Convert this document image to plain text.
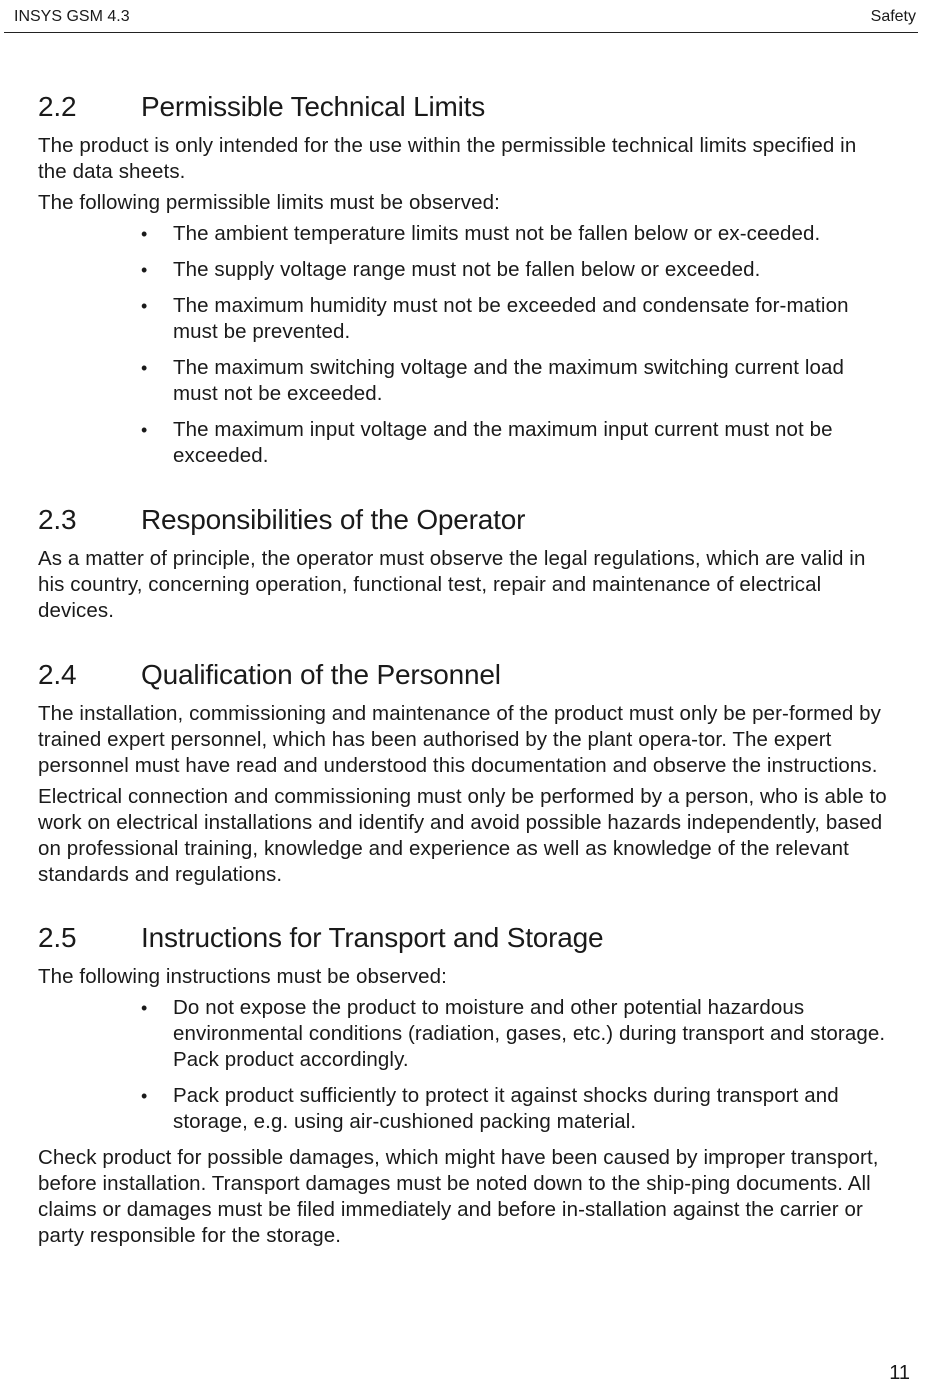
INSYS GSM 4.3	Safety
2.2 Permissible Technical Limits

The product is only intended for the use within the permissible technical limits specified in the data sheets.

The following permissible limits must be observed:

• The ambient temperature limits must not be fallen below or ex-ceeded.
• The supply voltage range must not be fallen below or exceeded.
• The maximum humidity must not be exceeded and condensate for-mation must be prevented.
• The maximum switching voltage and the maximum switching current load must not be exceeded.
• The maximum input voltage and the maximum input current must not be exceeded.
2.3 Responsibilities of the Operator

As a matter of principle, the operator must observe the legal regulations, which are valid in his country, concerning operation, functional test, repair and maintenance of electrical devices.

2.4 Qualification of the Personnel

The installation, commissioning and maintenance of the product must only be per-formed by trained expert personnel, which has been authorised by the plant opera-tor. The expert personnel must have read and understood this documentation and observe the instructions.

Electrical connection and commissioning must only be performed by a person, who is able to work on electrical installations and identify and avoid possible hazards independently, based on professional training, knowledge and experience as well as knowledge of the relevant standards and regulations.

2.5 Instructions for Transport and Storage

The following instructions must be observed:

• Do not expose the product to moisture and other potential hazardous environmental conditions (radiation, gases, etc.) during transport and storage. Pack product accordingly.
• Pack product sufficiently to protect it against shocks during transport and storage, e.g. using air-cushioned packing material.

Check product for possible damages, which might have been caused by improper transport, before installation. Transport damages must be noted down to the ship-ping documents. All claims or damages must be filed immediately and before in-stallation against the carrier or party responsible for the storage.

11
